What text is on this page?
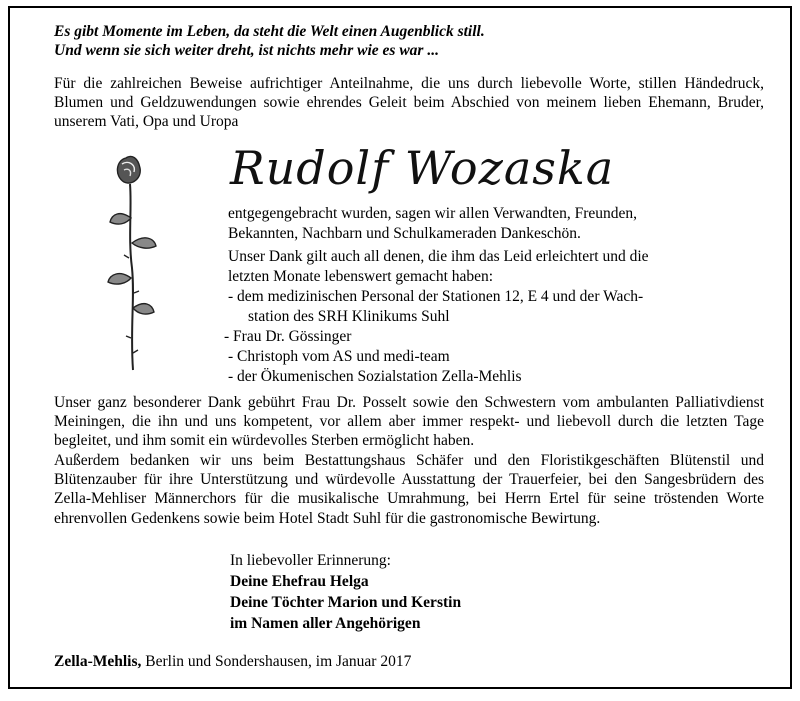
Es gibt Momente im Leben, da steht die Welt einen Augenblick still.
Und wenn sie sich weiter dreht, ist nichts mehr wie es war ...
Für die zahlreichen Beweise aufrichtiger Anteilnahme, die uns durch liebevolle Worte, stillen Händedruck, Blumen und Geldzuwendungen sowie ehrendes Geleit beim Abschied von meinem lieben Ehemann, Bruder, unserem Vati, Opa und Uropa
Rudolf Wozaska
entgegengebracht wurden, sagen wir allen Verwandten, Freunden,
Bekannten, Nachbarn und Schulkameraden Dankeschön.
Unser Dank gilt auch all denen, die ihm das Leid erleichtert und die
letzten Monate lebenswert gemacht haben:
- dem medizinischen Personal der Stationen 12, E 4 und der Wach-
station des SRH Klinikums Suhl
- Frau Dr. Gössinger
- Christoph vom AS und medi-team
- der Ökumenischen Sozialstation Zella-Mehlis
Unser ganz besonderer Dank gebührt Frau Dr. Posselt sowie den Schwestern vom ambulanten Palliativdienst Meiningen, die ihn und uns kompetent, vor allem aber immer respekt- und liebevoll durch die letzten Tage begleitet, und ihm somit ein würdevolles Sterben ermöglicht haben.
Außerdem bedanken wir uns beim Bestattungshaus Schäfer und den Floristikgeschäften Blütenstil und Blütenzauber für ihre Unterstützung und würdevolle Ausstattung der Trauerfeier, bei den Sangesbrüdern des Zella-Mehliser Männerchors für die musikalische Umrahmung, bei Herrn Ertel für seine tröstenden Worte ehrenvollen Gedenkens sowie beim Hotel Stadt Suhl für die gastronomische Bewirtung.
In liebevoller Erinnerung:
Deine Ehefrau Helga
Deine Töchter Marion und Kerstin
im Namen aller Angehörigen
Zella-Mehlis, Berlin und Sondershausen, im Januar 2017
